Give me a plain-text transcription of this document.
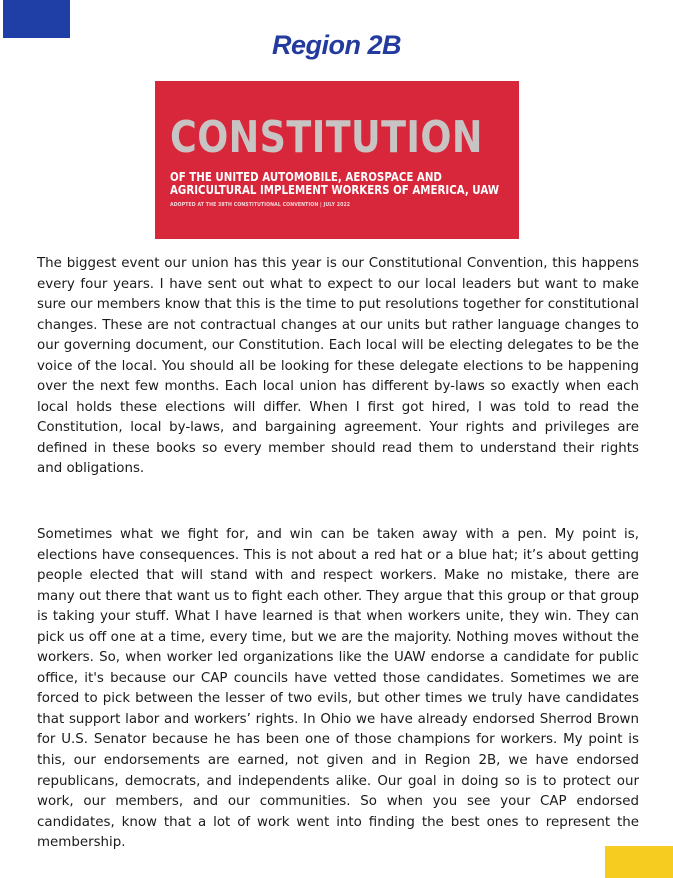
Region 2B
CONSTITUTION
OF THE UNITED AUTOMOBILE, AEROSPACE AND
AGRICULTURAL IMPLEMENT WORKERS OF AMERICA, UAW
ADOPTED AT THE 38TH CONSTITUTIONAL CONVENTION | JULY 2022

The biggest event our union has this year is our Constitutional Convention, this happens every four years. I have sent out what to expect to our local leaders but want to make sure our members know that this is the time to put resolutions together for constitutional changes. These are not contractual changes at our units but rather language changes to our governing document, our Constitution. Each local will be electing delegates to be the voice of the local. You should all be looking for these delegate elections to be happening over the next few months. Each local union has different by-laws so exactly when each local holds these elections will differ. When I first got hired, I was told to read the Constitution, local by-laws, and bargaining agreement. Your rights and privileges are defined in these books so every member should read them to understand their rights and obligations.

Sometimes what we fight for, and win can be taken away with a pen. My point is, elections have consequences. This is not about a red hat or a blue hat; it’s about getting people elected that will stand with and respect workers. Make no mistake, there are many out there that want us to fight each other. They argue that this group or that group is taking your stuff. What I have learned is that when workers unite, they win. They can pick us off one at a time, every time, but we are the majority. Nothing moves without the workers. So, when worker led organizations like the UAW endorse a candidate for public office, it's because our CAP councils have vetted those candidates. Sometimes we are forced to pick between the lesser of two evils, but other times we truly have candidates that support labor and workers’ rights. In Ohio we have already endorsed Sherrod Brown for U.S. Senator because he has been one of those champions for workers. My point is this, our endorsements are earned, not given and in Region 2B, we have endorsed republicans, democrats, and independents alike. Our goal in doing so is to protect our work, our members, and our communities. So when you see your CAP endorsed candidates, know that a lot of work went into finding the best ones to represent the membership.
